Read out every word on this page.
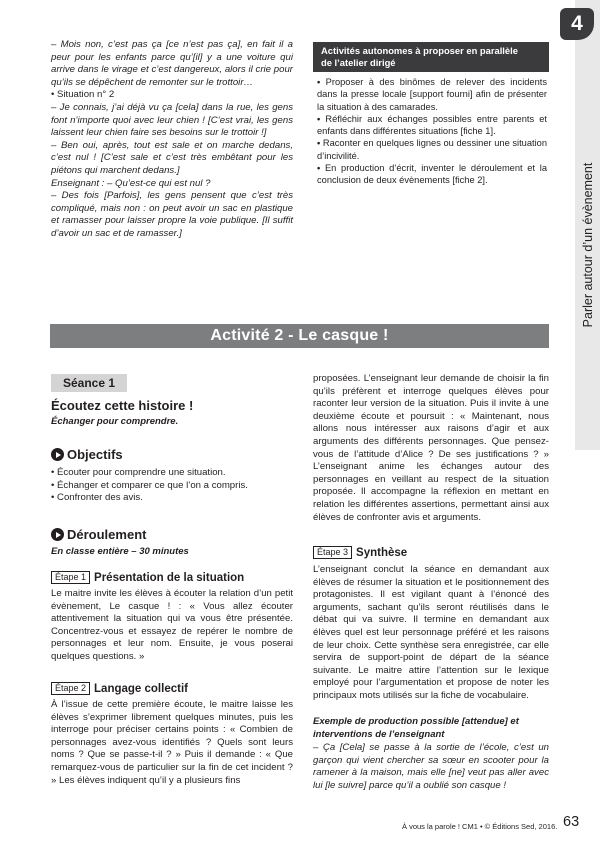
4
Parler autour d’un évènement

– Mois non, c’est pas ça [ce n’est pas ça], en fait il a peur pour les enfants parce qu’[il] y a une voiture qui arrive dans le virage et c’est dangereux, alors il crie pour qu’ils se dépêchent de remonter sur le trottoir…

• Situation n° 2

– Je connais, j’ai déjà vu ça [cela] dans la rue, les gens font n’importe quoi avec leur chien ! [C’est vrai, les gens laissent leur chien faire ses besoins sur le trottoir !]

– Ben oui, après, tout est sale et on marche dedans, c’est nul ! [C’est sale et c’est très embêtant pour les piétons qui marchent dedans.]

Enseignant : – Qu’est-ce qui est nul ?

– Des fois [Parfois], les gens pensent que c’est très compliqué, mais non : on peut avoir un sac en plastique et ramasser pour laisser propre la voie publique. [Il suffit d’avoir un sac et de ramasser.]

Activités autonomes à proposer en parallèle
de l’atelier dirigé
• Proposer à des binômes de relever des incidents dans la presse locale [support fourni] afin de présenter la situation à des camarades.
• Réfléchir aux échanges possibles entre parents et enfants dans différentes situations [fiche 1].
• Raconter en quelques lignes ou dessiner une situation d’incivilité.
• En production d’écrit, inventer le déroulement et la conclusion de deux évènements [fiche 2].
Activité 2 - Le casque !
Séance 1
Écoutez cette histoire !
Échanger pour comprendre.
Objectifs
• Écouter pour comprendre une situation.
• Échanger et comparer ce que l’on a compris.
• Confronter des avis.
Déroulement
En classe entière – 30 minutes
Étape 1 Présentation de la situation

Le maitre invite les élèves à écouter la relation d’un petit évènement, Le casque ! : « Vous allez écouter attentivement la situation qui va vous être présentée. Concentrez-vous et essayez de repérer le nombre de personnages et leur nom. Ensuite, je vous poserai quelques questions. »

Étape 2 Langage collectif

À l’issue de cette première écoute, le maitre laisse les élèves s’exprimer librement quelques minutes, puis les interroge pour préciser certains points : « Combien de personnages avez-vous identifiés ? Quels sont leurs noms ? Que se passe-t-il ? » Puis il demande : « Que remarquez-vous de particulier sur la fin de cet incident ? » Les élèves indiquent qu’il y a plusieurs fins

proposées. L’enseignant leur demande de choisir la fin qu’ils préfèrent et interroge quelques élèves pour raconter leur version de la situation. Puis il invite à une deuxième écoute et poursuit : « Maintenant, nous allons nous intéresser aux raisons d’agir et aux arguments des différents personnages. Que pensez-vous de l’attitude d’Alice ? De ses justifications ? » L’enseignant anime les échanges autour des personnages en veillant au respect de la situation proposée. Il accompagne la réflexion en mettant en relation les différentes assertions, permettant ainsi aux élèves de confronter avis et arguments.

Étape 3 Synthèse

L’enseignant conclut la séance en demandant aux élèves de résumer la situation et le positionnement des protagonistes. Il est vigilant quant à l’énoncé des arguments, sachant qu’ils seront réutilisés dans le débat qui va suivre. Il termine en demandant aux élèves quel est leur personnage préféré et les raisons de leur choix. Cette synthèse sera enregistrée, car elle servira de support-point de départ de la séance suivante. Le maitre attire l’attention sur le lexique employé pour l’argumentation et propose de noter les principaux mots utilisés sur la fiche de vocabulaire.

Exemple de production possible [attendue] et interventions de l’enseignant

– Ça [Cela] se passe à la sortie de l’école, c’est un garçon qui vient chercher sa sœur en scooter pour la ramener à la maison, mais elle [ne] veut pas aller avec lui [le suivre] parce qu’il a oublié son casque !

À vous la parole ! CM1 • © Éditions Sed, 2016. 63
